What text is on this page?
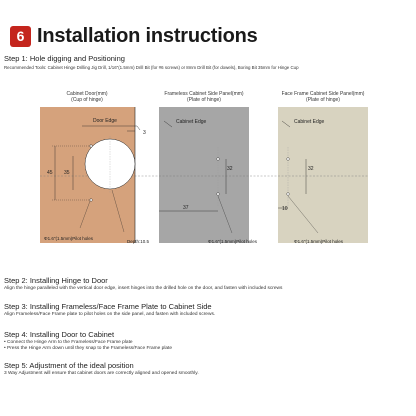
6 Installation instructions
Step 1: Hole digging and Positioning
Recommended Tools: Cabinet Hinge Drilling Jig Drill, 1/16"(1.5mm) Drill Bit (for #6 screws) or 8mm Drill Bit (for dowels), Boring Bit 35mm for Hinge Cup
Cabinet Door(mm)
(Cup of hinge)
Frameless Cabinet Side Panel(mm)
(Plate of hinge)
Face Frame Cabinet Side Panel(mm)
(Plate of hinge)
Door Edge
3
45 35
Φ1.6"(1.5mm)Pilot holes
Depth:10.5
Cabinet Edge
32
37
Φ1.6"(1.5mm)Pilot holes
Cabinet Edge
32
10
Φ1.6"(1.5mm)Pilot holes
Step 2: Installing Hinge to Door
Align the hinge paralleled with the vertical door edge, insert hinges into the drilled hole on the door, and fasten with included screws
Step 3: Installing Frameless/Face Frame Plate to Cabinet Side
Align Frameless/Face Frame plate to pilot holes on the side panel, and fasten with included screws.
Step 4: Installing Door to Cabinet
• Connect the Hinge Arm to the Frameless/Face Frame plate
• Press the Hinge Arm down until they snap to the Frameless/Face Frame plate
Step 5: Adjustment of the ideal position
3 Way Adjustment will ensure that cabinet doors are correctly aligned and opened smoothly.
